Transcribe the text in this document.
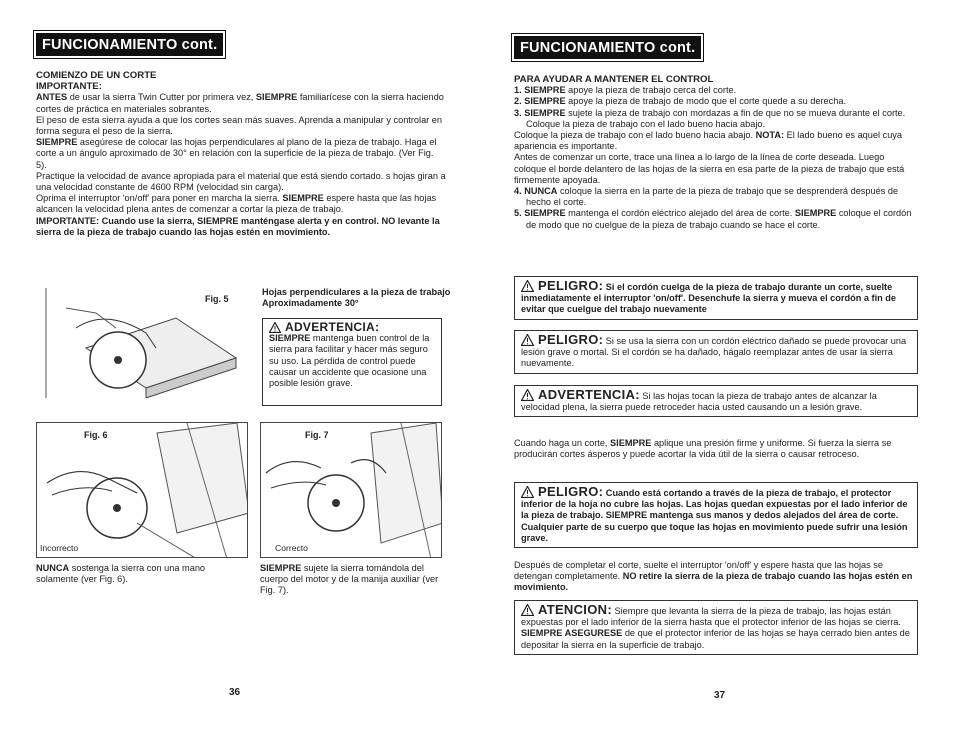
FUNCIONAMIENTO cont.

COMIENZO DE UN CORTE

IMPORTANTE:

ANTES de usar la sierra Twin Cutter por primera vez, SIEMPRE familiarícese con la sierra haciendo cortes de práctica en materiales sobrantes.

El peso de esta sierra ayuda a que los cortes sean más suaves. Aprenda a manipular y controlar en forma segura el peso de la sierra.

SIEMPRE asegúrese de colocar las hojas perpendiculares al plano de la pieza de trabajo. Haga el corte a un ángulo aproximado de 30° en relación con la superficie de la pieza de trabajo. (Ver Fig. 5).

Practique la velocidad de avance apropiada para el material que está siendo cortado. s hojas giran a una velocidad constante de 4600 RPM (velocidad sin carga).

Oprima el interruptor 'on/off' para poner en marcha la sierra. SIEMPRE espere hasta que las hojas alcancen la velocidad plena antes de comenzar a cortar la pieza de trabajo.

IMPORTANTE: Cuando use la sierra, SIEMPRE manténgase alerta y en control. NO levante la sierra de la pieza de trabajo cuando las hojas estén en movimiento.

Fig. 5
Hojas perpendiculares a la pieza de trabajo Aproximadamente 30°
ADVERTENCIA:
SIEMPRE mantenga buen control de la sierra para facilitar y hacer más seguro su uso. La pérdida de control puede causar un accidente que ocasione una posible lesión grave.
Fig. 6
Incorrecto
Fig. 7
Correcto
NUNCA sostenga la sierra con una mano solamente (ver Fig. 6).
SIEMPRE sujete la sierra tomándola del cuerpo del motor y de la manija auxiliar (ver Fig. 7).
36
FUNCIONAMIENTO cont.

PARA AYUDAR A MANTENER EL CONTROL

1. SIEMPRE apoye la pieza de trabajo cerca del corte.

2. SIEMPRE apoye la pieza de trabajo de modo que el corte quede a su derecha.

3. SIEMPRE sujete la pieza de trabajo con mordazas a fin de que no se mueva durante el corte. Coloque la pieza de trabajo con el lado bueno hacia abajo.

Coloque la pieza de trabajo con el lado bueno hacia abajo. NOTA: El lado bueno es aquel cuya apariencia es importante.

Antes de comenzar un corte, trace una línea a lo largo de la línea de corte deseada. Luego coloque el borde delantero de las hojas de la sierra en esa parte de la pieza de trabajo que está firmemente apoyada.

4. NUNCA coloque la sierra en la parte de la pieza de trabajo que se desprenderá después de hecho el corte.

5. SIEMPRE mantenga el cordón eléctrico alejado del área de corte. SIEMPRE coloque el cordón de modo que no cuelgue de la pieza de trabajo cuando se hace el corte.

PELIGRO: Si el cordón cuelga de la pieza de trabajo durante un corte, suelte inmediatamente el interruptor 'on/off'. Desenchufe la sierra y mueva el cordón a fin de evitar que cuelgue del trabajo nuevamente
PELIGRO: Si se usa la sierra con un cordón eléctrico dañado se puede provocar una lesión grave o mortal. Si el cordón se ha dañado, hágalo reemplazar antes de usar la sierra nuevamente.
ADVERTENCIA: Si las hojas tocan la pieza de trabajo antes de alcanzar la velocidad plena, la sierra puede retroceder hacia usted causando un a lesión grave.
Cuando haga un corte, SIEMPRE aplique una presión firme y uniforme. Si fuerza la sierra se producirán cortes ásperos y puede acortar la vida útil de la sierra o causar retroceso.
PELIGRO: Cuando está cortando a través de la pieza de trabajo, el protector inferior de la hoja no cubre las hojas. Las hojas quedan expuestas por el lado inferior de la pieza de trabajo. SIEMPRE mantenga sus manos y dedos alejados del área de corte. Cualquier parte de su cuerpo que toque las hojas en movimiento puede sufrir una lesión grave.
Después de completar el corte, suelte el interruptor 'on/off' y espere hasta que las hojas se detengan completamente. NO retire la sierra de la pieza de trabajo cuando las hojas estén en movimiento.
ATENCION: Siempre que levanta la sierra de la pieza de trabajo, las hojas están expuestas por el lado inferior de la sierra hasta que el protector inferior de las hojas se cierra. SIEMPRE ASEGURESE de que el protector inferior de las hojas se haya cerrado bien antes de depositar la sierra en la superficie de trabajo.
37
